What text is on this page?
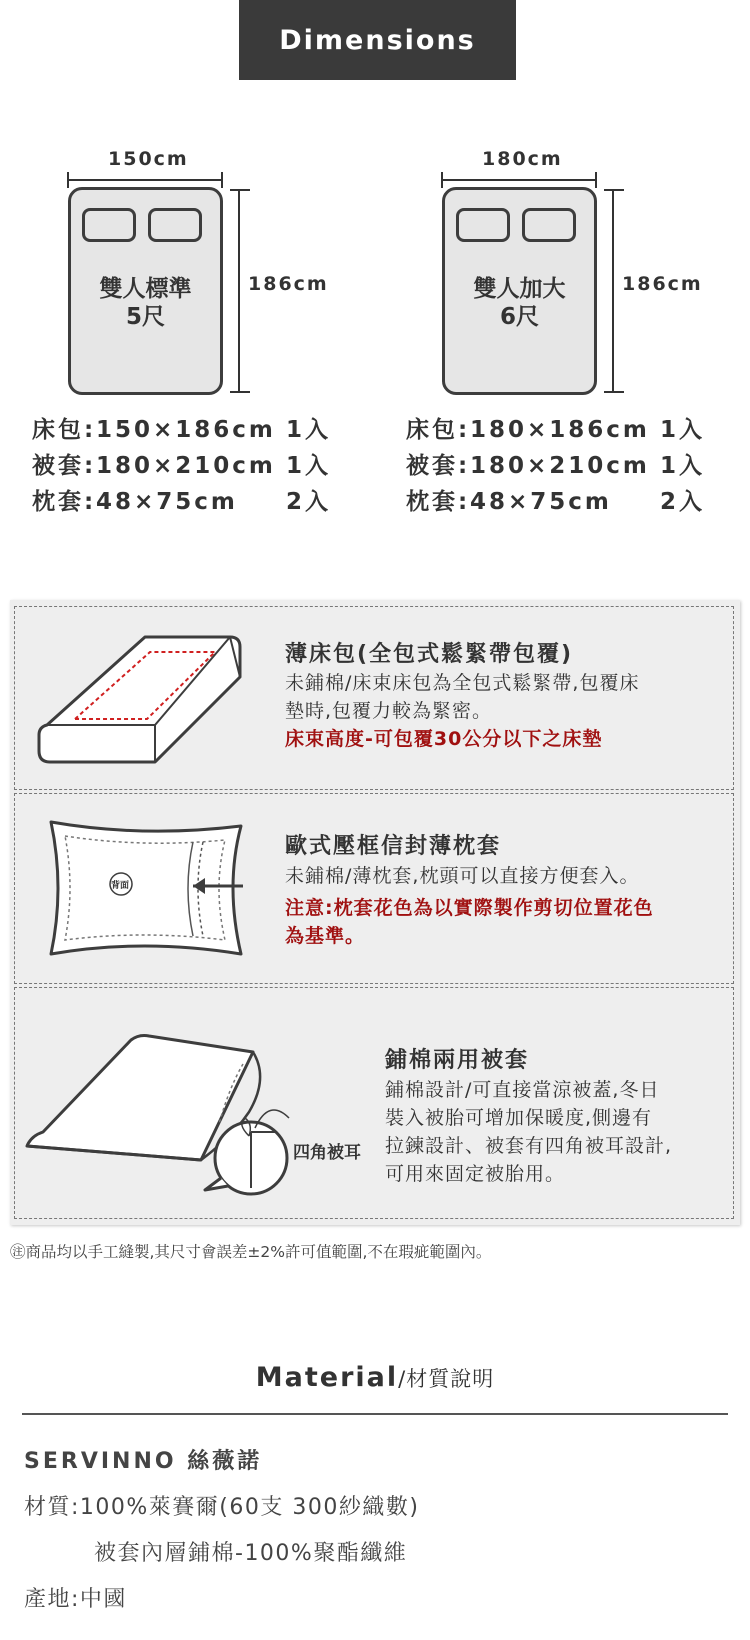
Dimensions
150cm
186cm
雙人標準
5尺
180cm
186cm
雙人加大
6尺
床包: 150×186cm 1入
被套: 180×210cm 1入
枕套: 48×75cm 2入
床包: 180×186cm 1入
被套: 180×210cm 1入
枕套: 48×75cm 2入
薄床包(全包式鬆緊帶包覆)
未鋪棉/床束床包為全包式鬆緊帶,包覆床
墊時,包覆力較為緊密。
床束高度-可包覆30公分以下之床墊
背面
歐式壓框信封薄枕套
未鋪棉/薄枕套,枕頭可以直接方便套入。
注意:枕套花色為以實際製作剪切位置花色
為基準。
四角被耳
鋪棉兩用被套
鋪棉設計/可直接當涼被蓋,冬日
裝入被胎可增加保暖度,側邊有
拉鍊設計、被套有四角被耳設計,
可用來固定被胎用。
㊟商品均以手工縫製,其尺寸會誤差±2%許可值範圍,不在瑕疵範圍內。
Material/材質說明
SERVINNO 絲薇諾
材質:100%萊賽爾(60支 300紗織數)
被套內層鋪棉-100%聚酯纖維
產地:中國
